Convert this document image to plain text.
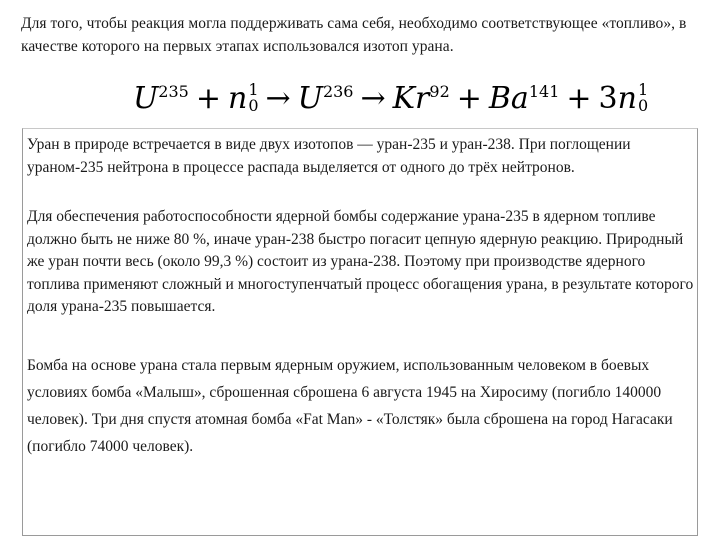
Для того, чтобы реакция могла поддерживать сама себя, необходимо соответствующее «топливо», в качестве которого на первых этапах использовался изотоп урана.

$U^{235} + n$ 1
$0 \to U^{236} \to Kr^{92} + Ba^{141} + 3n$ 1
0

Уран в природе встречается в виде двух изотопов — уран-235 и уран-238. При поглощении ураном-235 нейтрона в процессе распада выделяется от одного до трёх нейтронов.

Для обеспечения работоспособности ядерной бомбы содержание урана-235 в ядерном топливе должно быть не ниже 80 %, иначе уран-238 быстро погасит цепную ядерную реакцию. Природный же уран почти весь (около 99,3 %) состоит из урана-238. Поэтому при производстве ядерного топлива применяют сложный и многоступенчатый процесс обогащения урана, в результате которого доля урана-235 повышается.

Бомба на основе урана стала первым ядерным оружием, использованным человеком в боевых условиях бомба «Малыш», сброшенная сброшена 6 августа 1945 на Хиросиму (погибло 140000 человек). Три дня спустя атомная бомба «Fat Man» - «Толстяк» была сброшена на город Нагасаки (погибло 74000 человек).
